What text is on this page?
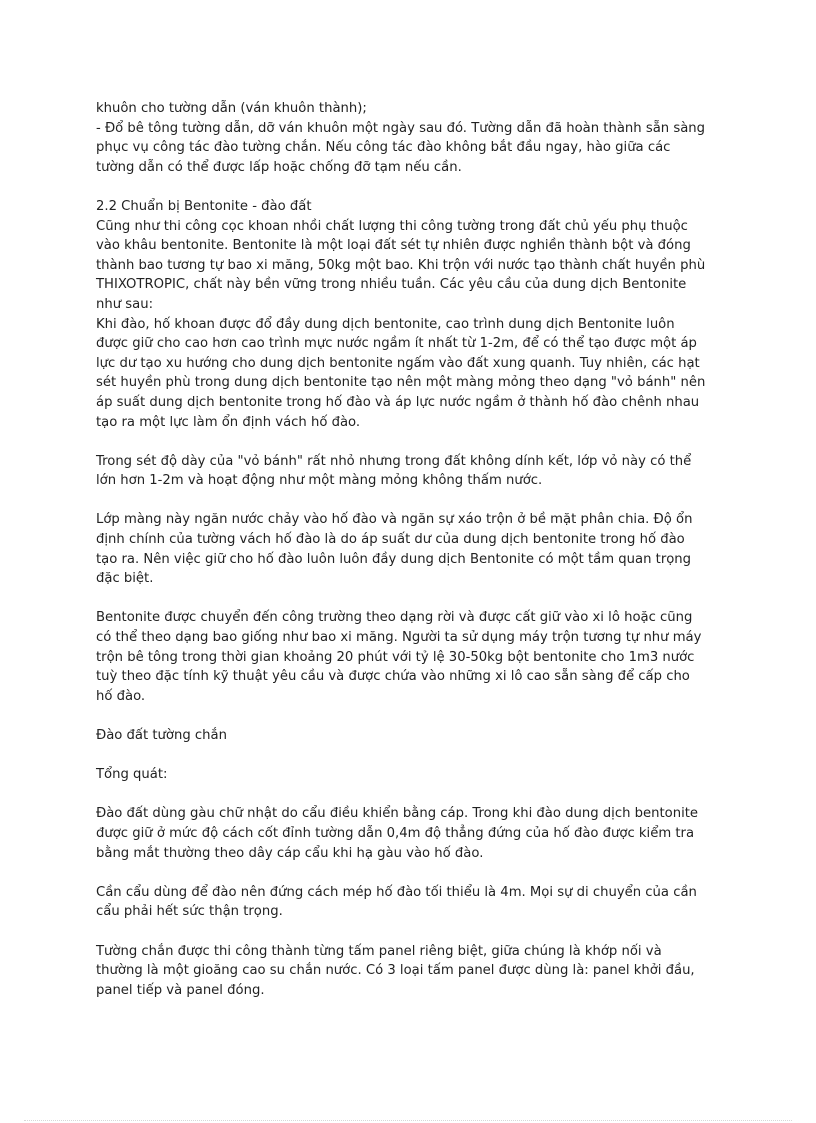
khuôn cho tường dẫn (ván khuôn thành);

- Đổ bê tông tường dẫn, dỡ ván khuôn một ngày sau đó. Tường dẫn đã hoàn thành sẵn sàng

phục vụ công tác đào tường chắn. Nếu công tác đào không bắt đầu ngay, hào giữa các

tường dẫn có thể được lấp hoặc chống đỡ tạm nếu cần.

2.2 Chuẩn bị Bentonite - đào đất

Cũng như thi công cọc khoan nhồi chất lượng thi công tường trong đất chủ yếu phụ thuộc

vào khâu bentonite. Bentonite là một loại đất sét tự nhiên được nghiền thành bột và đóng

thành bao tương tự bao xi măng, 50kg một bao. Khi trộn với nước tạo thành chất huyền phù

THIXOTROPIC, chất này bền vững trong nhiều tuần. Các yêu cầu của dung dịch Bentonite

như sau:

Khi đào, hố khoan được đổ đầy dung dịch bentonite, cao trình dung dịch Bentonite luôn

được giữ cho cao hơn cao trình mực nước ngầm ít nhất từ 1-2m, để có thể tạo được một áp

lực dư tạo xu hướng cho dung dịch bentonite ngấm vào đất xung quanh. Tuy nhiên, các hạt

sét huyền phù trong dung dịch bentonite tạo nên một màng mỏng theo dạng "vỏ bánh" nên

áp suất dung dịch bentonite trong hố đào và áp lực nước ngầm ở thành hố đào chênh nhau

tạo ra một lực làm ổn định vách hố đào.

Trong sét độ dày của "vỏ bánh" rất nhỏ nhưng trong đất không dính kết, lớp vỏ này có thể

lớn hơn 1-2m và hoạt động như một màng mỏng không thấm nước.

Lớp màng này ngăn nước chảy vào hố đào và ngăn sự xáo trộn ở bề mặt phân chia. Độ ổn

định chính của tường vách hố đào là do áp suất dư của dung dịch bentonite trong hố đào

tạo ra. Nên việc giữ cho hố đào luôn luôn đầy dung dịch Bentonite có một tầm quan trọng

đặc biệt.

Bentonite được chuyển đến công trường theo dạng rời và được cất giữ vào xi lô hoặc cũng

có thể theo dạng bao giống như bao xi măng. Người ta sử dụng máy trộn tương tự như máy

trộn bê tông trong thời gian khoảng 20 phút với tỷ lệ 30-50kg bột bentonite cho 1m3 nước

tuỳ theo đặc tính kỹ thuật yêu cầu và được chứa vào những xi lô cao sẵn sàng để cấp cho

hố đào.

Đào đất tường chắn

Tổng quát:

Đào đất dùng gàu chữ nhật do cẩu điều khiển bằng cáp. Trong khi đào dung dịch bentonite

được giữ ở mức độ cách cốt đỉnh tường dẫn 0,4m độ thẳng đứng của hố đào được kiểm tra

bằng mắt thường theo dây cáp cẩu khi hạ gàu vào hố đào.

Cần cẩu dùng để đào nên đứng cách mép hố đào tối thiểu là 4m. Mọi sự di chuyển của cần

cẩu phải hết sức thận trọng.

Tường chắn được thi công thành từng tấm panel riêng biệt, giữa chúng là khớp nối và

thường là một gioăng cao su chắn nước. Có 3 loại tấm panel được dùng là: panel khởi đầu,

panel tiếp và panel đóng.
